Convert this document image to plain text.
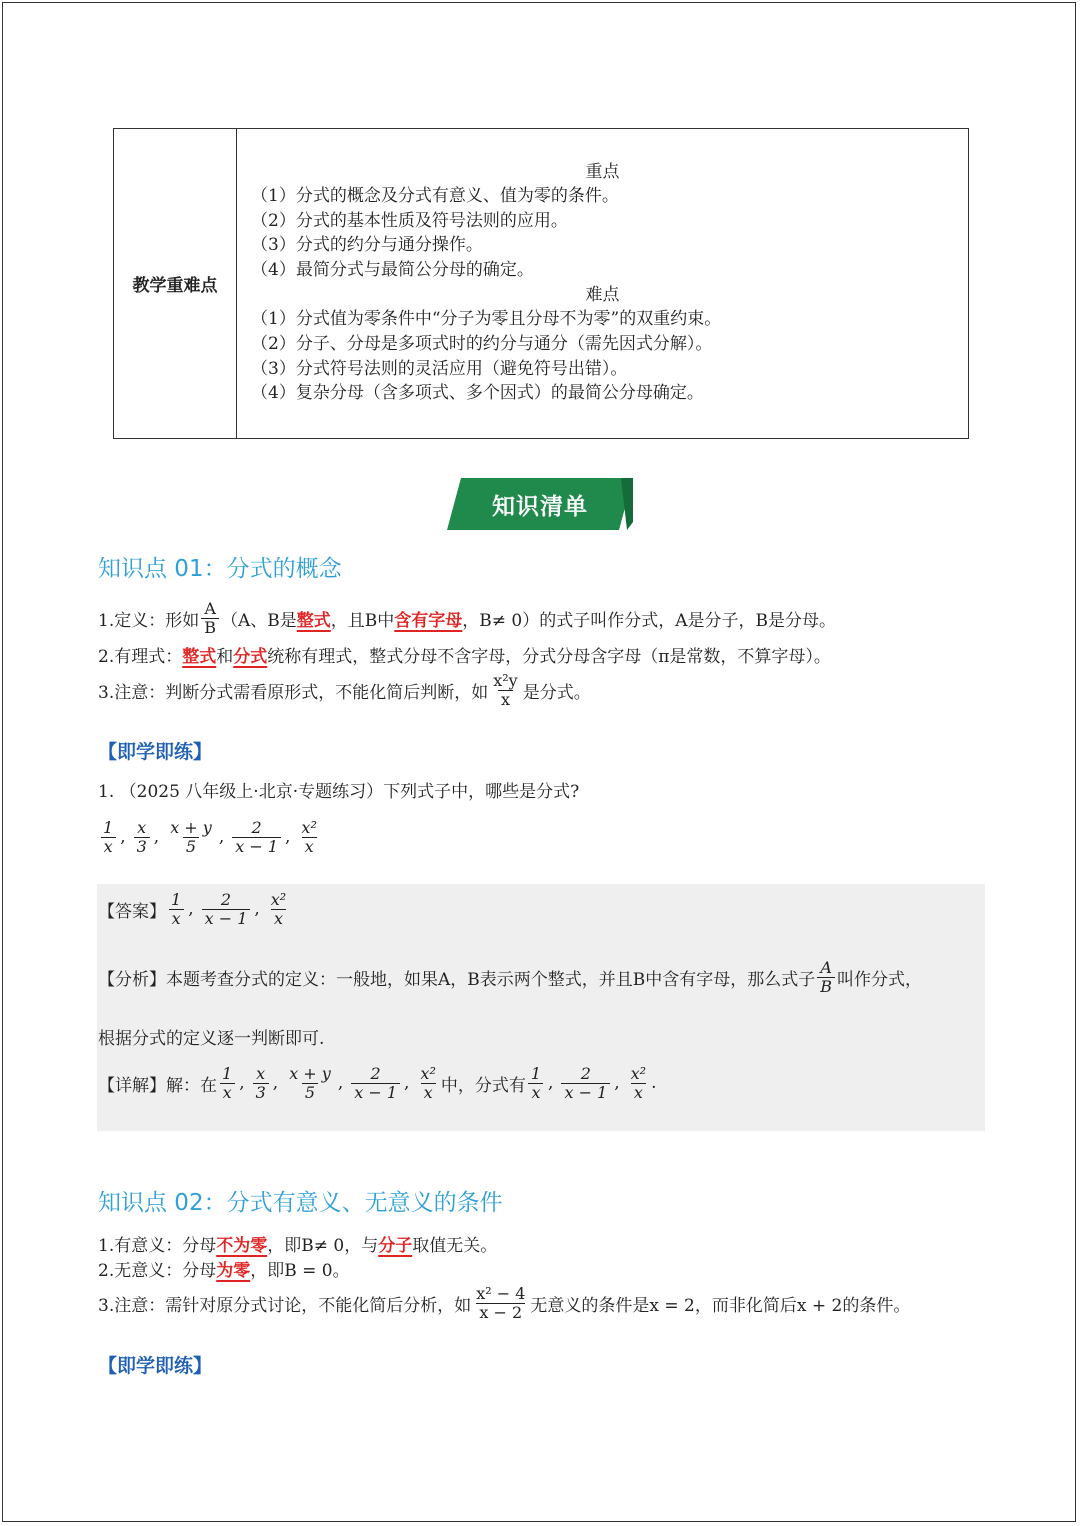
教学重难点
重点
（1）分式的概念及分式有意义、值为零的条件。
（2）分式的基本性质及符号法则的应用。
（3）分式的约分与通分操作。
（4）最简分式与最简公分母的确定。
难点
（1）分式值为零条件中“分子为零且分母不为零”的双重约束。
（2）分子、分母是多项式时的约分与通分（需先因式分解）。
（3）分式符号法则的灵活应用（避免符号出错）。
（4）复杂分母（含多项式、多个因式）的最简公分母确定。
知识清单
知识点 01：分式的概念
1.定义：形如 $\frac{A}{B} (A$、B是 整式 ，且B中 含有字母 ，B≠ 0）的式子叫作分式，A是分子，B是分母。
2.有理式： 整式 和 分式 统称有理式，整式分母不含字母，分式分母含字母（π是常数，不算字母）。
3.注意：判断分式需看原形式，不能化简后判断，如 $\frac{\text{x²y}}{x}$ 是分式。
【即学即练】
1. （2025 八年级上·北京·专题练习）下列式子中，哪些是分式?
$\frac{1}{x}$ , $\frac{x}{3}$ , $\frac{x + y}{5}$ , $\frac{2}{x - 1}$ , $\frac{\text{x²}}{x}$
【答案】 $\frac{1}{x}$ , $\frac{2}{x - 1}$ , $\frac{\text{x²}}{x}$
【分析】本题考查分式的定义：一般地，如果A，B表示两个整式，并且B中含有字母，那么式子 $\frac{A}{B}$ 叫作分式，
根据分式的定义逐一判断即可.
【详解】解：在 $\frac{1}{x}$ , $\frac{x}{3}$ , $\frac{x + y}{5}$ , $\frac{2}{x - 1}$ , $\frac{\text{x²}}{x}$ 中，分式有 $\frac{1}{x}$ , $\frac{2}{x - 1}$ , $\frac{\text{x²}}{x}$ .
知识点 02：分式有意义、无意义的条件
1.有意义：分母 不为零 ，即B≠ 0，与 分子 取值无关。
2.无意义：分母 为零 ，即B = 0。
3.注意：需针对原分式讨论，不能化简后分析，如 $\frac{\text{x² − 4}}{x - 2}$ 无意义的条件是x = 2，而非化简后x + 2的条件。
【即学即练】
